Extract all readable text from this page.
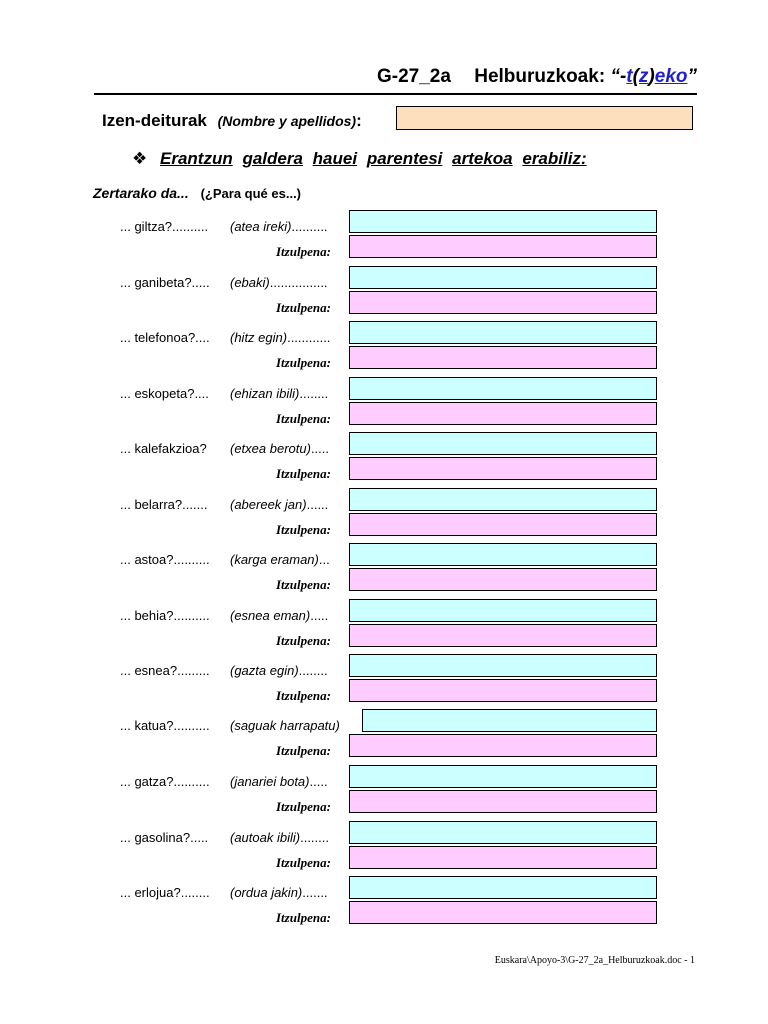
G-27_2a Helburuzkoak: “-t(z)eko”
Izen-deiturak (Nombre y apellidos):
❖ Erantzun galdera hauei parentesi artekoa erabiliz:
Zertarako da... (¿Para qué es...)
... giltza?.......... (atea ireki)..........
Itzulpena:
... ganibeta?..... (ebaki)................
Itzulpena:
... telefonoa?.... (hitz egin)............
Itzulpena:
... eskopeta?.... (ehizan ibili)........
Itzulpena:
... kalefakzioa? (etxea berotu).....
Itzulpena:
... belarra?....... (abereek jan)......
Itzulpena:
... astoa?.......... (karga eraman)...
Itzulpena:
... behia?.......... (esnea eman).....
Itzulpena:
... esnea?......... (gazta egin)........
Itzulpena:
... katua?.......... (saguak harrapatu)
Itzulpena:
... gatza?.......... (janariei bota).....
Itzulpena:
... gasolina?..... (autoak ibili)........
Itzulpena:
... erlojua?........ (ordua jakin).......
Itzulpena:
Euskara\Apoyo-3\G-27_2a_Helburuzkoak.doc - 1
